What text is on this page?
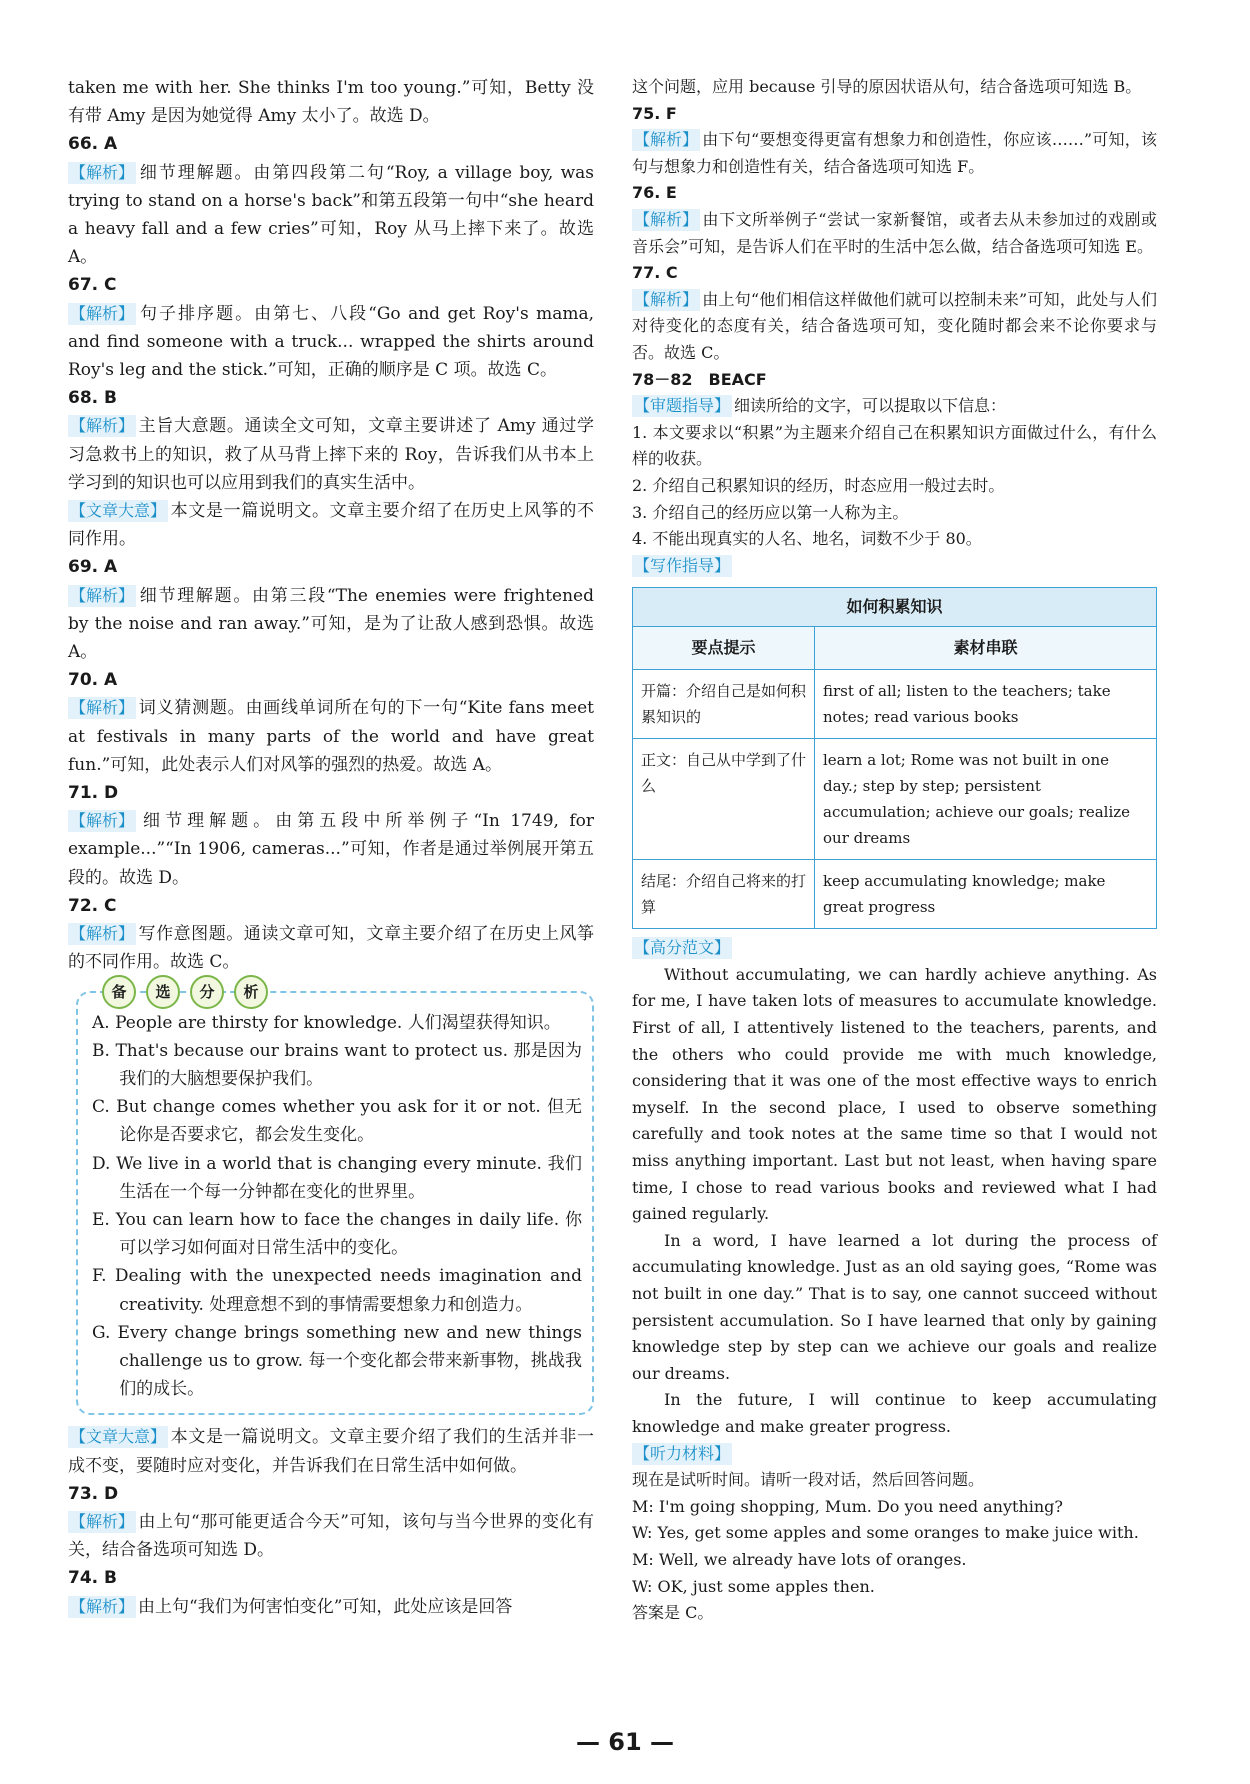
taken me with her. She thinks I'm too young.”可知，Betty 没有带 Amy 是因为她觉得 Amy 太小了。故选 D。

66. A

【解析】 细节理解题。由第四段第二句“Roy, a village boy, was trying to stand on a horse's back”和第五段第一句中“she heard a heavy fall and a few cries”可知，Roy 从马上摔下来了。故选 A。

67. C

【解析】 句子排序题。由第七、八段“Go and get Roy's mama, and find someone with a truck... wrapped the shirts around Roy's leg and the stick.”可知，正确的顺序是 C 项。故选 C。

68. B

【解析】 主旨大意题。通读全文可知，文章主要讲述了 Amy 通过学习急救书上的知识，救了从马背上摔下来的 Roy，告诉我们从书本上学习到的知识也可以应用到我们的真实生活中。

【文章大意】 本文是一篇说明文。文章主要介绍了在历史上风筝的不同作用。

69. A

【解析】 细节理解题。由第三段“The enemies were frightened by the noise and ran away.”可知，是为了让敌人感到恐惧。故选 A。

70. A

【解析】 词义猜测题。由画线单词所在句的下一句“Kite fans meet at festivals in many parts of the world and have great fun.”可知，此处表示人们对风筝的强烈的热爱。故选 A。

71. D

【解析】 细节理解题。由第五段中所举例子“In 1749, for example...”“In 1906, cameras...”可知，作者是通过举例展开第五段的。故选 D。

72. C

【解析】 写作意图题。通读文章可知，文章主要介绍了在历史上风筝的不同作用。故选 C。

备	选	分	析

A. People are thirsty for knowledge. 人们渴望获得知识。

B. That's because our brains want to protect us. 那是因为我们的大脑想要保护我们。

C. But change comes whether you ask for it or not. 但无论你是否要求它，都会发生变化。

D. We live in a world that is changing every minute. 我们生活在一个每一分钟都在变化的世界里。

E. You can learn how to face the changes in daily life. 你可以学习如何面对日常生活中的变化。

F. Dealing with the unexpected needs imagination and creativity. 处理意想不到的事情需要想象力和创造力。

G. Every change brings something new and new things challenge us to grow. 每一个变化都会带来新事物，挑战我们的成长。

【文章大意】 本文是一篇说明文。文章主要介绍了我们的生活并非一成不变，要随时应对变化，并告诉我们在日常生活中如何做。

73. D

【解析】 由上句“那可能更适合今天”可知，该句与当今世界的变化有关，结合备选项可知选 D。

74. B

【解析】 由上句“我们为何害怕变化”可知，此处应该是回答

这个问题，应用 because 引导的原因状语从句，结合备选项可知选 B。

75. F

【解析】 由下句“要想变得更富有想象力和创造性，你应该……”可知，该句与想象力和创造性有关，结合备选项可知选 F。

76. E

【解析】 由下文所举例子“尝试一家新餐馆，或者去从未参加过的戏剧或音乐会”可知，是告诉人们在平时的生活中怎么做，结合备选项可知选 E。

77. C

【解析】 由上句“他们相信这样做他们就可以控制未来”可知，此处与人们对待变化的态度有关，结合备选项可知，变化随时都会来不论你要求与否。故选 C。

78－82　BEACF

【审题指导】 细读所给的文字，可以提取以下信息：

1. 本文要求以“积累”为主题来介绍自己在积累知识方面做过什么，有什么样的收获。

2. 介绍自己积累知识的经历，时态应用一般过去时。

3. 介绍自己的经历应以第一人称为主。

4. 不能出现真实的人名、地名，词数不少于 80。

【写作指导】

如何积累知识
要点提示	素材串联
开篇：介绍自己是如何积累知识的	first of all; listen to the teachers; take notes; read various books
正文：自己从中学到了什么	learn a lot; Rome was not built in one day.; step by step; persistent accumulation; achieve our goals; realize our dreams
结尾：介绍自己将来的打算	keep accumulating knowledge; make great progress

【高分范文】

Without accumulating, we can hardly achieve anything. As for me, I have taken lots of measures to accumulate knowledge. First of all, I attentively listened to the teachers, parents, and the others who could provide me with much knowledge, considering that it was one of the most effective ways to enrich myself. In the second place, I used to observe something carefully and took notes at the same time so that I would not miss anything important. Last but not least, when having spare time, I chose to read various books and reviewed what I had gained regularly.

In a word, I have learned a lot during the process of accumulating knowledge. Just as an old saying goes, “Rome was not built in one day.” That is to say, one cannot succeed without persistent accumulation. So I have learned that only by gaining knowledge step by step can we achieve our goals and realize our dreams.

In the future, I will continue to keep accumulating knowledge and make greater progress.

【听力材料】

现在是试听时间。请听一段对话，然后回答问题。

M: I'm going shopping, Mum. Do you need anything?

W: Yes, get some apples and some oranges to make juice with.

M: Well, we already have lots of oranges.

W: OK, just some apples then.

答案是 C。

— 61 —
